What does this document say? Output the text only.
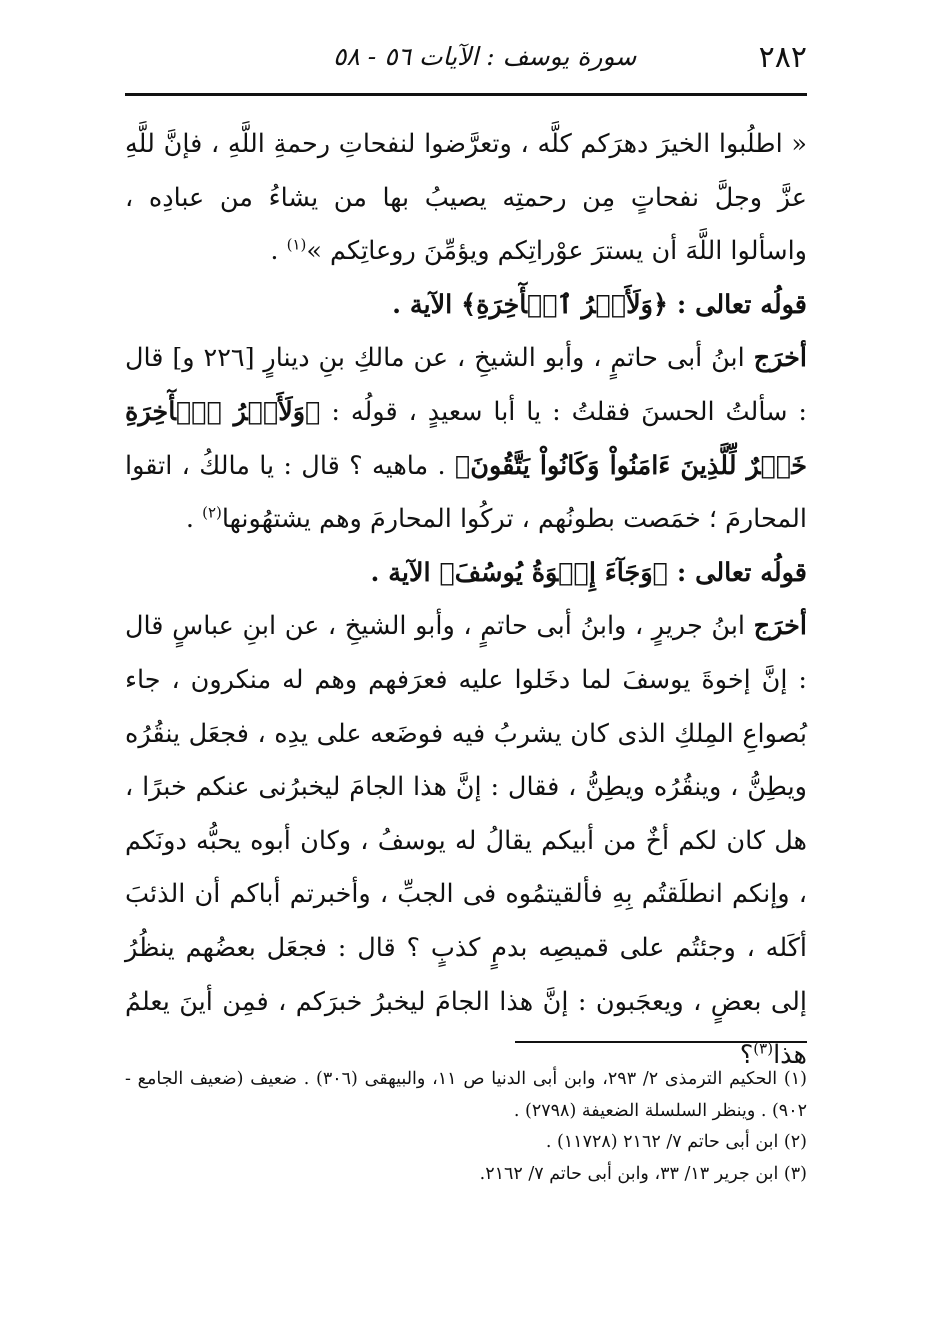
٢٨٢
سورة يوسف : الآيات ٥٦ - ٥٨

« اطلُبوا الخيرَ دهرَكم كلَّه ، وتعرَّضوا لنفحاتِ رحمةِ اللَّهِ ، فإنَّ للَّهِ عزَّ وجلَّ نفحاتٍ مِن رحمتِه يصيبُ بها من يشاءُ من عبادِه ، واسألوا اللَّهَ أن يسترَ عوْراتِكم ويؤمِّنَ روعاتِكم »$^{(١)}$ .

قولُه تعالى : ﴿وَلَأَجۡرُ ٱلۡأٓخِرَةِ﴾ الآية .

أخرَج ابنُ أبى حاتمٍ ، وأبو الشيخِ ، عن مالكِ بنِ دينارٍ [٢٢٦ و] قال : سألتُ الحسنَ فقلتُ : يا أبا سعيدٍ ، قولُه : ﴿وَلَأَجۡرُ ٱلۡأٓخِرَةِ خَيۡرٌ لِّلَّذِينَ ءَامَنُواْ وَكَانُواْ يَتَّقُونَ﴾ . ماهيه ؟ قال : يا مالكُ ، اتقوا المحارمَ ؛ خمَصت بطونُهم ، تركُوا المحارمَ وهم يشتهُونها$^{(٢)}$ .

قولُه تعالى : ﴿وَجَآءَ إِخۡوَةُ يُوسُفَ﴾ الآية .

أخرَج ابنُ جريرٍ ، وابنُ أبى حاتمٍ ، وأبو الشيخِ ، عن ابنِ عباسٍ قال : إنَّ إخوةَ يوسفَ لما دخَلوا عليه فعرَفهم وهم له منكرون ، جاء بُصواعِ المِلكِ الذى كان يشربُ فيه فوضَعه على يدِه ، فجعَل ينقُرُه ويطِنُّ ، وينقُرُه ويطِنُّ ، فقال : إنَّ هذا الجامَ ليخبرُنى عنكم خبرًا ، هل كان لكم أخٌ من أبيكم يقالُ له يوسفُ ، وكان أبوه يحبُّه دونَكم ، وإنكم انطلَقتُم بِهِ فألقيتمُوه فى الجبِّ ، وأخبرتم أباكم أن الذئبَ أكَله ، وجئتُم على قميصِه بدمٍ كذبٍ ؟ قال : فجعَل بعضُهم ينظُرُ إلى بعضٍ ، ويعجَبون : إنَّ هذا الجامَ ليخبرُ خبرَكم ، فمِن أينَ يعلمُ هذا$^{(٣)}$؟

(١) الحكيم الترمذى ٢/ ٢٩٣، وابن أبى الدنيا ص ١١، والبيهقى (٣٠٦) . ضعيف (ضعيف الجامع - ٩٠٢) . وينظر السلسلة الضعيفة (٢٧٩٨) .

(٢) ابن أبى حاتم ٧/ ٢١٦٢ (١١٧٢٨) .

(٣) ابن جرير ١٣/ ٣٣، وابن أبى حاتم ٧/ ٢١٦٢.
